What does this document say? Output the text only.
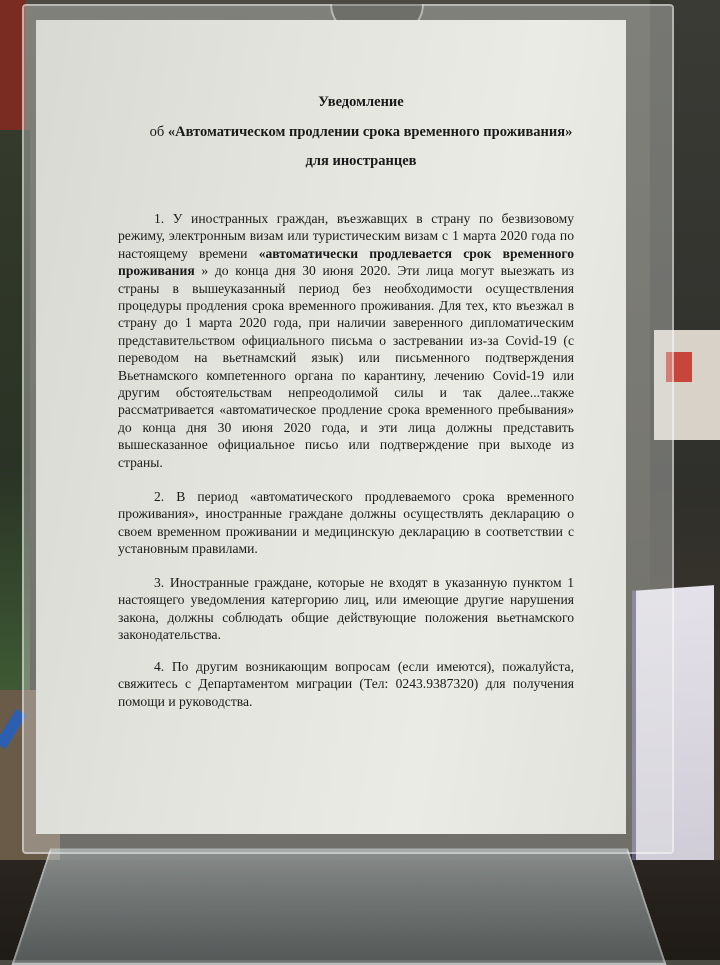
Уведомление
об «Автоматическом продлении срока временного проживания»
для иностранцев

1. У иностранных граждан, въезжавщих в страну по безвизовому режиму, электронным визам или туристическим визам с 1 марта 2020 года по настоящему времени «автоматически продлевается срок временного проживания » до конца дня 30 июня 2020. Эти лица могут выезжать из страны в вышеуказанный период без необходимости осуществления процедуры продления срока временного проживания. Для тех, кто въезжал в страну до 1 марта 2020 года, при наличии заверенного дипломатическим представительством официального письма о застревании из-за Covid-19 (с переводом на вьетнамский язык) или письменного подтверждения Вьетнамского компетенного органа по карантину, лечению Covid-19 или другим обстоятельствам непреодолимой силы и так далее...также рассматривается «автоматическое продление срока временного пребывания» до конца дня 30 июня 2020 года, и эти лица должны представить вышесказанное официальное письо или подтверждение при выходе из страны.

2. В период «автоматического продлеваемого срока временного проживания», иностранные граждане должны осуществлять декларацию о своем временном проживании и медицинскую декларацию в соответствии с установным правилами.

3. Иностранные граждане, которые не входят в указанную пунктом 1 настоящего уведомления катергорию лиц, или имеющие другие нарушения закона, должны соблюдать общие действующие положения вьетнамского законодательства.

4. По другим возникающим вопросам (если имеются), пожалуйста, свяжитесь с Департаментом миграции (Тел: 0243.9387320) для получения помощи и руководства.
